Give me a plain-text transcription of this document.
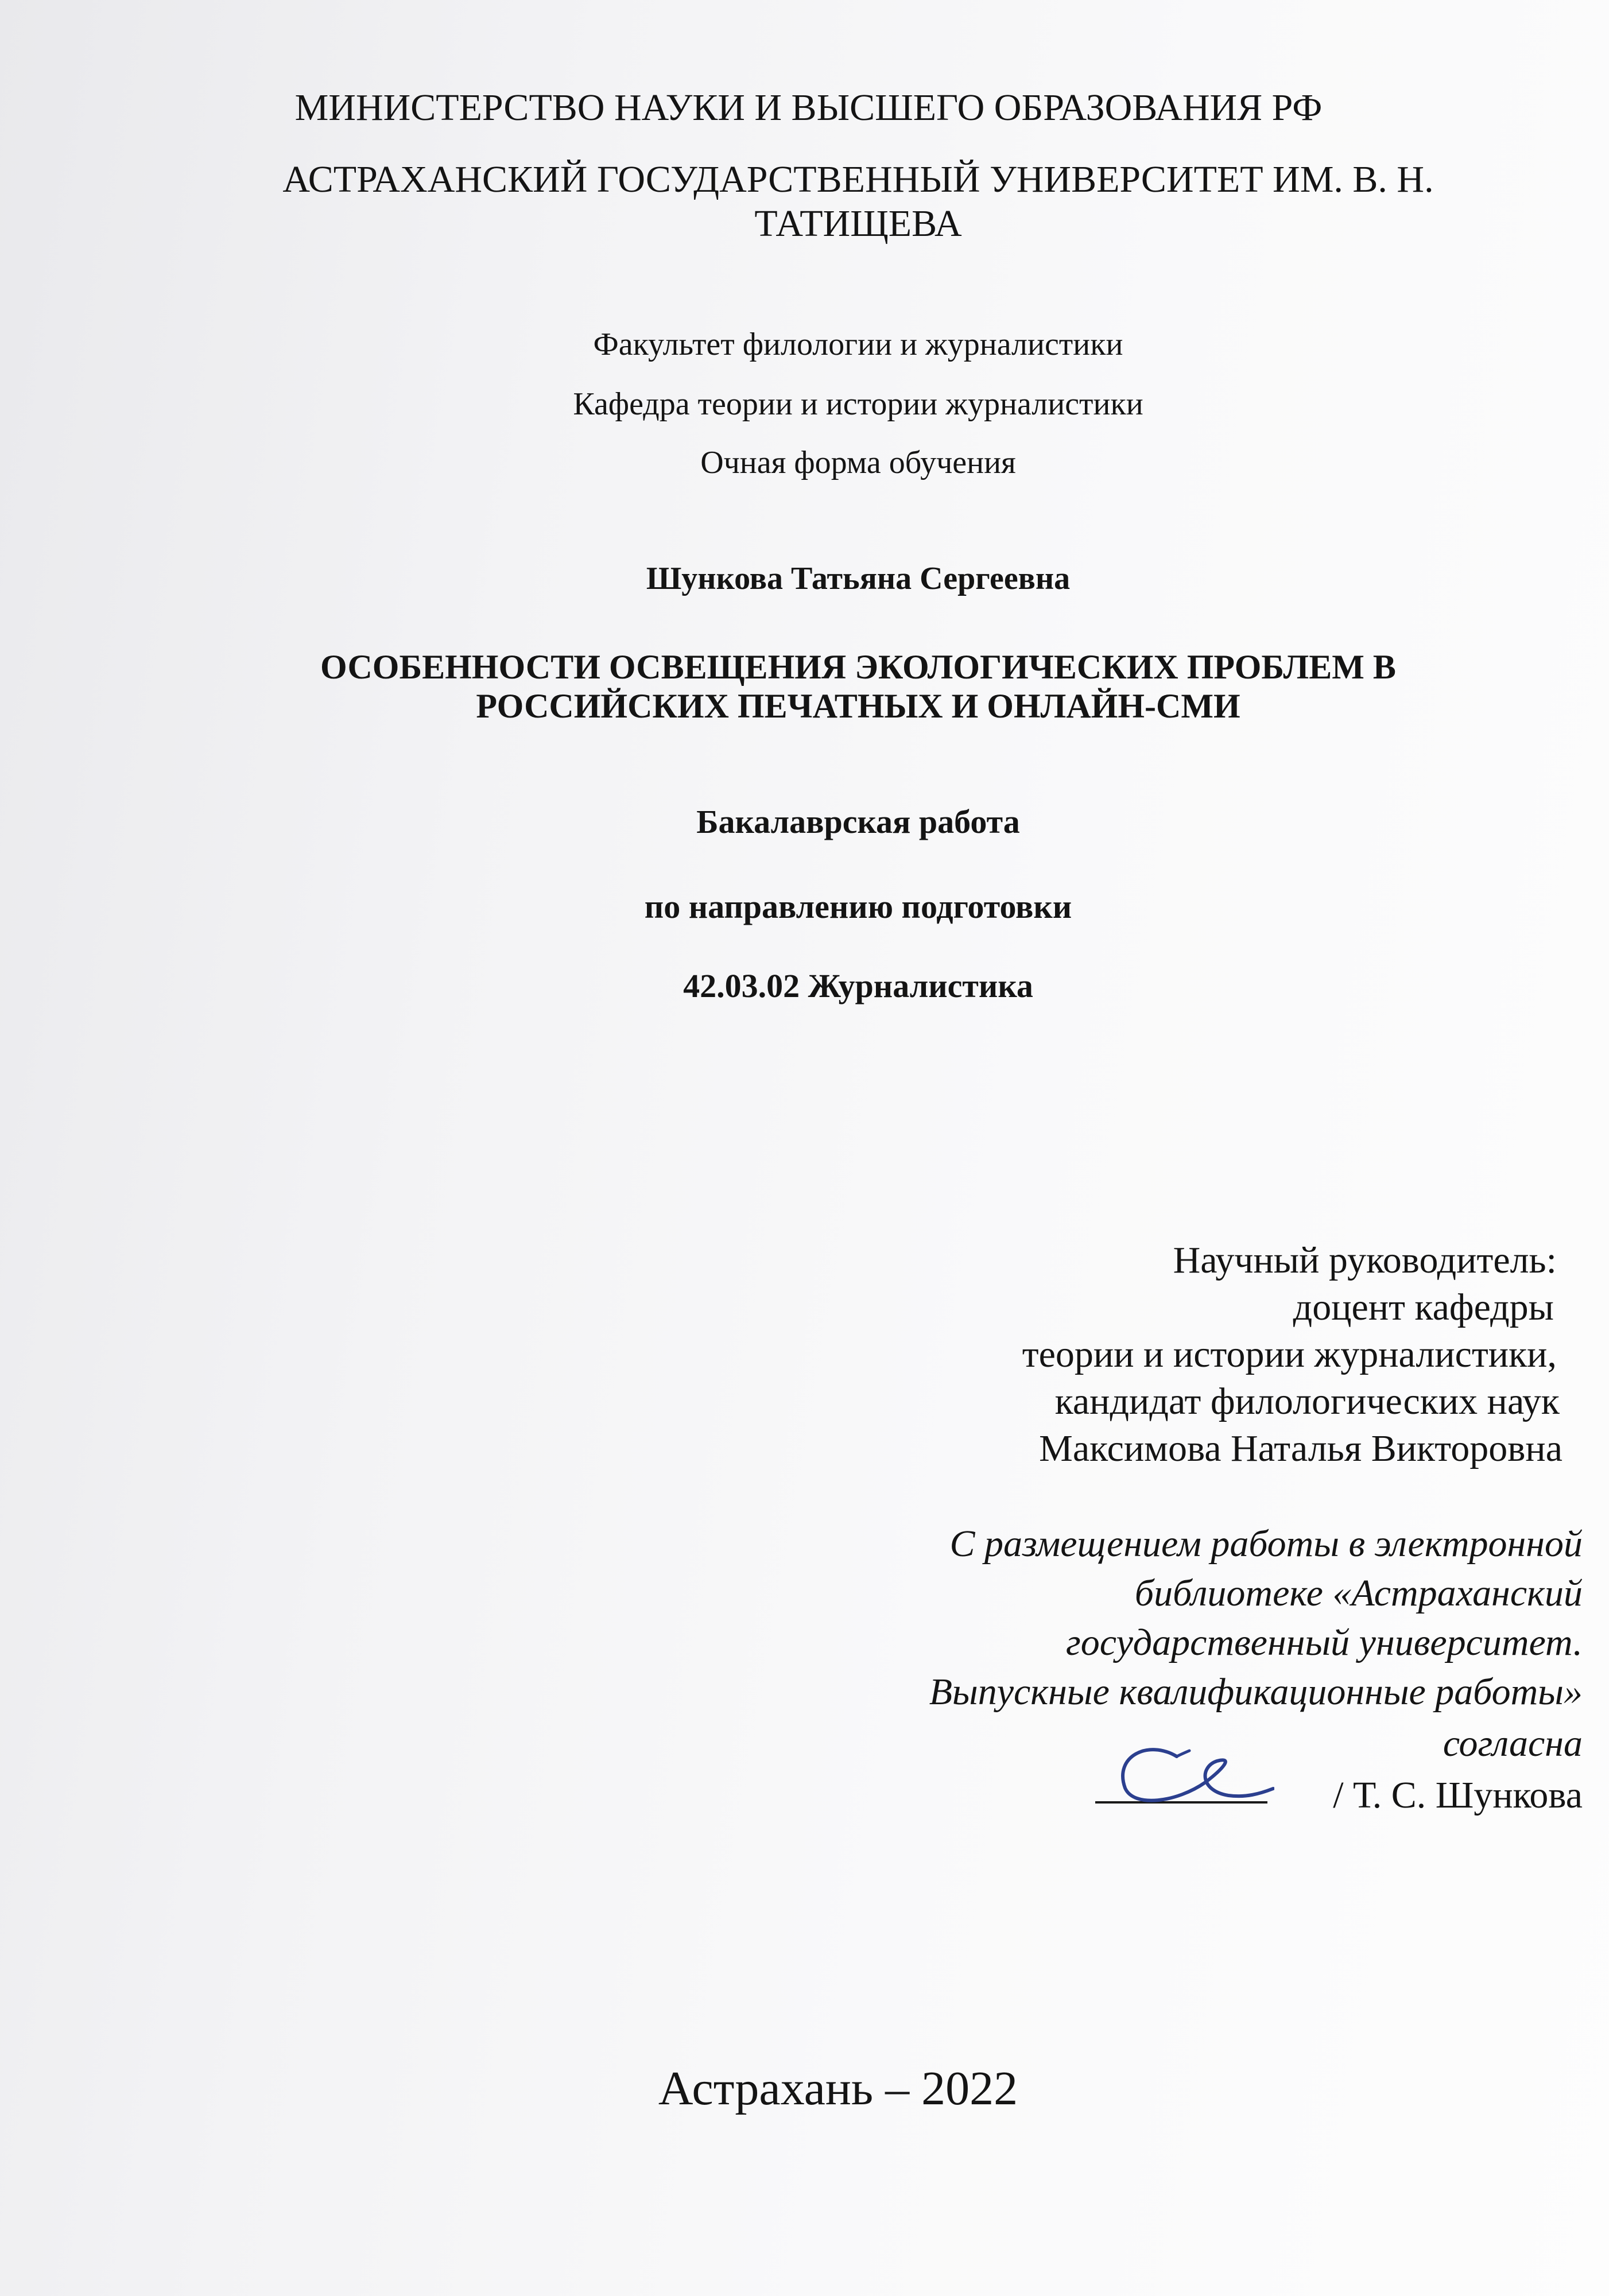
МИНИСТЕРСТВО НАУКИ И ВЫСШЕГО ОБРАЗОВАНИЯ РФ
АСТРАХАНСКИЙ ГОСУДАРСТВЕННЫЙ УНИВЕРСИТЕТ ИМ. В. Н.
ТАТИЩЕВА
Факультет филологии и журналистики
Кафедра теории и истории журналистики
Очная форма обучения
Шункова Татьяна Сергеевна
ОСОБЕННОСТИ ОСВЕЩЕНИЯ ЭКОЛОГИЧЕСКИХ ПРОБЛЕМ В
РОССИЙСКИХ ПЕЧАТНЫХ И ОНЛАЙН-СМИ
Бакалаврская работа
по направлению подготовки
42.03.02 Журналистика
Научный руководитель:
доцент кафедры
теории и истории журналистики,
кандидат филологических наук
Максимова Наталья Викторовна
С размещением работы в электронной
библиотеке «Астраханский
государственный университет.
Выпускные квалификационные работы»
согласна
/ Т. С. Шункова
Астрахань – 2022
